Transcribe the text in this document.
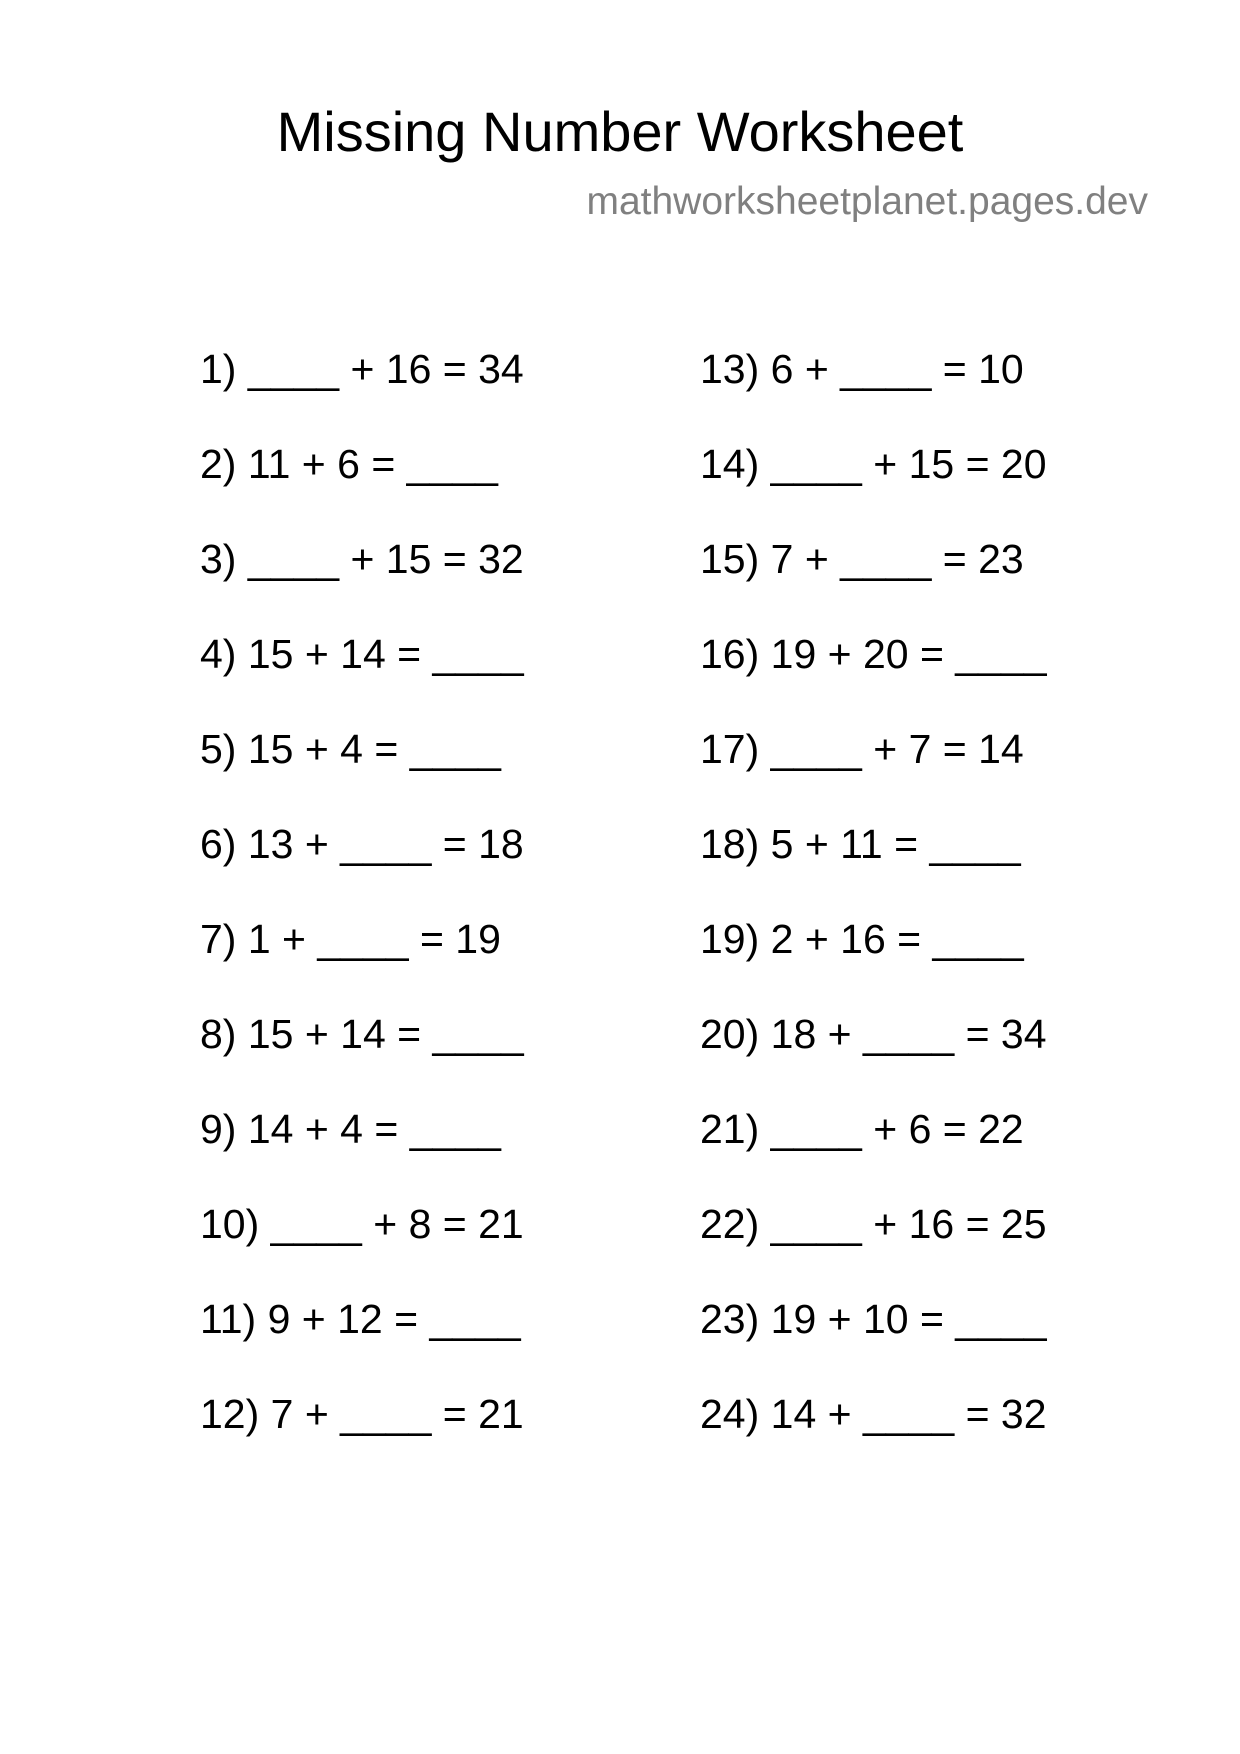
Missing Number Worksheet
mathworksheetplanet.pages.dev
1) ____ + 16 = 34
2) 11 + 6 = ____
3) ____ + 15 = 32
4) 15 + 14 = ____
5) 15 + 4 = ____
6) 13 + ____ = 18
7) 1 + ____ = 19
8) 15 + 14 = ____
9) 14 + 4 = ____
10) ____ + 8 = 21
11) 9 + 12 = ____
12) 7 + ____ = 21
13) 6 + ____ = 10
14) ____ + 15 = 20
15) 7 + ____ = 23
16) 19 + 20 = ____
17) ____ + 7 = 14
18) 5 + 11 = ____
19) 2 + 16 = ____
20) 18 + ____ = 34
21) ____ + 6 = 22
22) ____ + 16 = 25
23) 19 + 10 = ____
24) 14 + ____ = 32
